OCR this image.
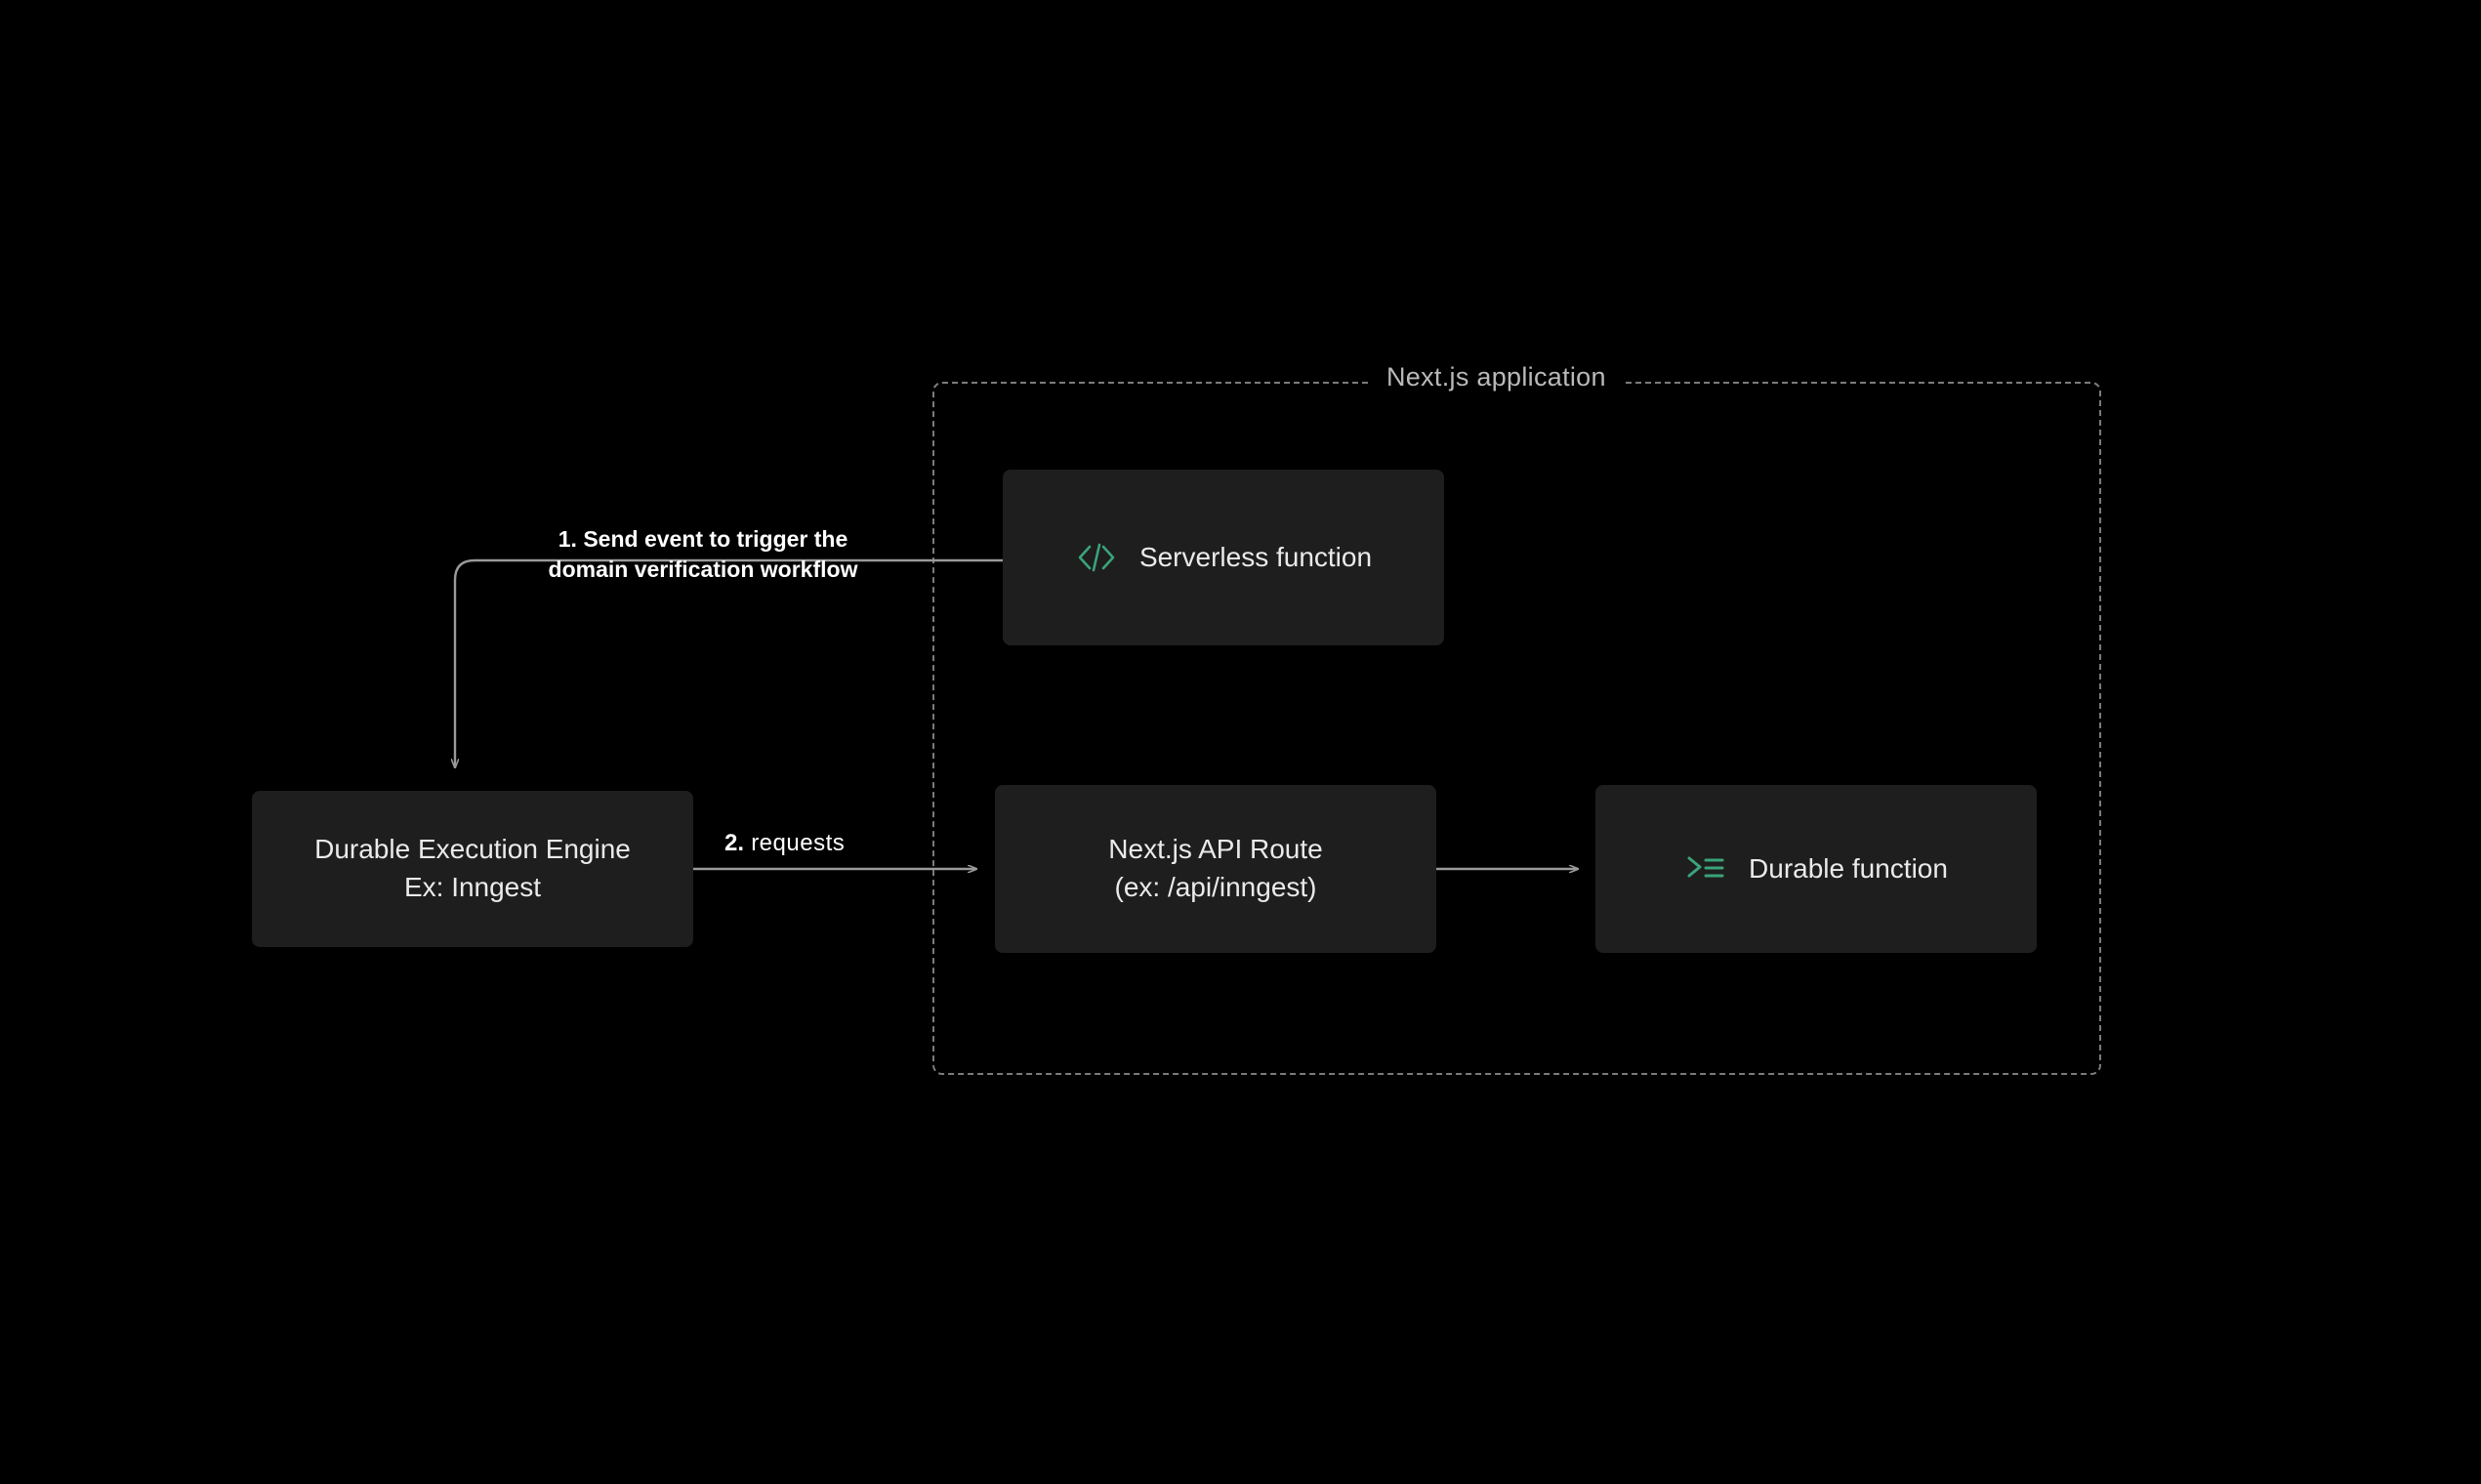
Next.js application
Serverless function
Next.js API Route (ex: /api/inngest)
Durable function
Durable Execution Engine Ex: Inngest
1. Send event to trigger the
domain verification workflow
2. requests
